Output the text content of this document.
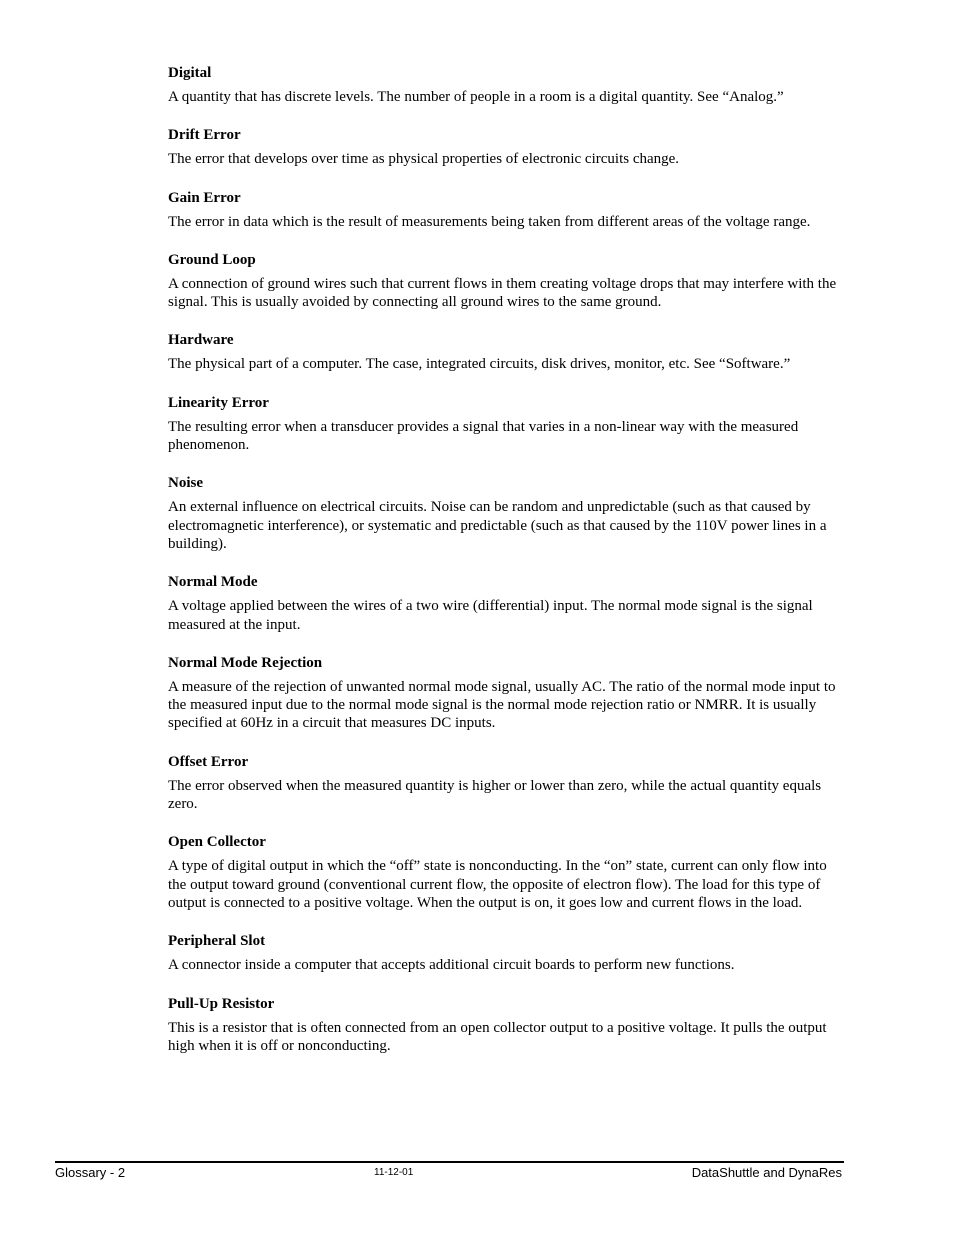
Digital

A quantity that has discrete levels. The number of people in a room is a digital quantity. See “Analog.”

Drift Error

The error that develops over time as physical properties of electronic circuits change.

Gain Error

The error in data which is the result of measurements being taken from different areas of the voltage range.

Ground Loop

A connection of ground wires such that current flows in them creating voltage drops that may interfere with the signal. This is usually avoided by connecting all ground wires to the same ground.

Hardware

The physical part of a computer. The case, integrated circuits, disk drives, monitor, etc. See “Software.”

Linearity Error

The resulting error when a transducer provides a signal that varies in a non-linear way with the measured phenomenon.

Noise

An external influence on electrical circuits. Noise can be random and unpredictable (such as that caused by electromagnetic interference), or systematic and predictable (such as that caused by the 110V power lines in a building).

Normal Mode

A voltage applied between the wires of a two wire (differential) input. The normal mode signal is the signal measured at the input.

Normal Mode Rejection

A measure of the rejection of unwanted normal mode signal, usually AC. The ratio of the normal mode input to the measured input due to the normal mode signal is the normal mode rejection ratio or NMRR. It is usually specified at 60Hz in a circuit that measures DC inputs.

Offset Error

The error observed when the measured quantity is higher or lower than zero, while the actual quantity equals zero.

Open Collector

A type of digital output in which the “off” state is nonconducting. In the “on” state, current can only flow into the output toward ground (conventional current flow, the opposite of electron flow). The load for this type of output is connected to a positive voltage. When the output is on, it goes low and current flows in the load.

Peripheral Slot

A connector inside a computer that accepts additional circuit boards to perform new functions.

Pull-Up Resistor

This is a resistor that is often connected from an open collector output to a positive voltage. It pulls the output high when it is off or nonconducting.

Glossary - 2	11-12-01	DataShuttle and DynaRes
